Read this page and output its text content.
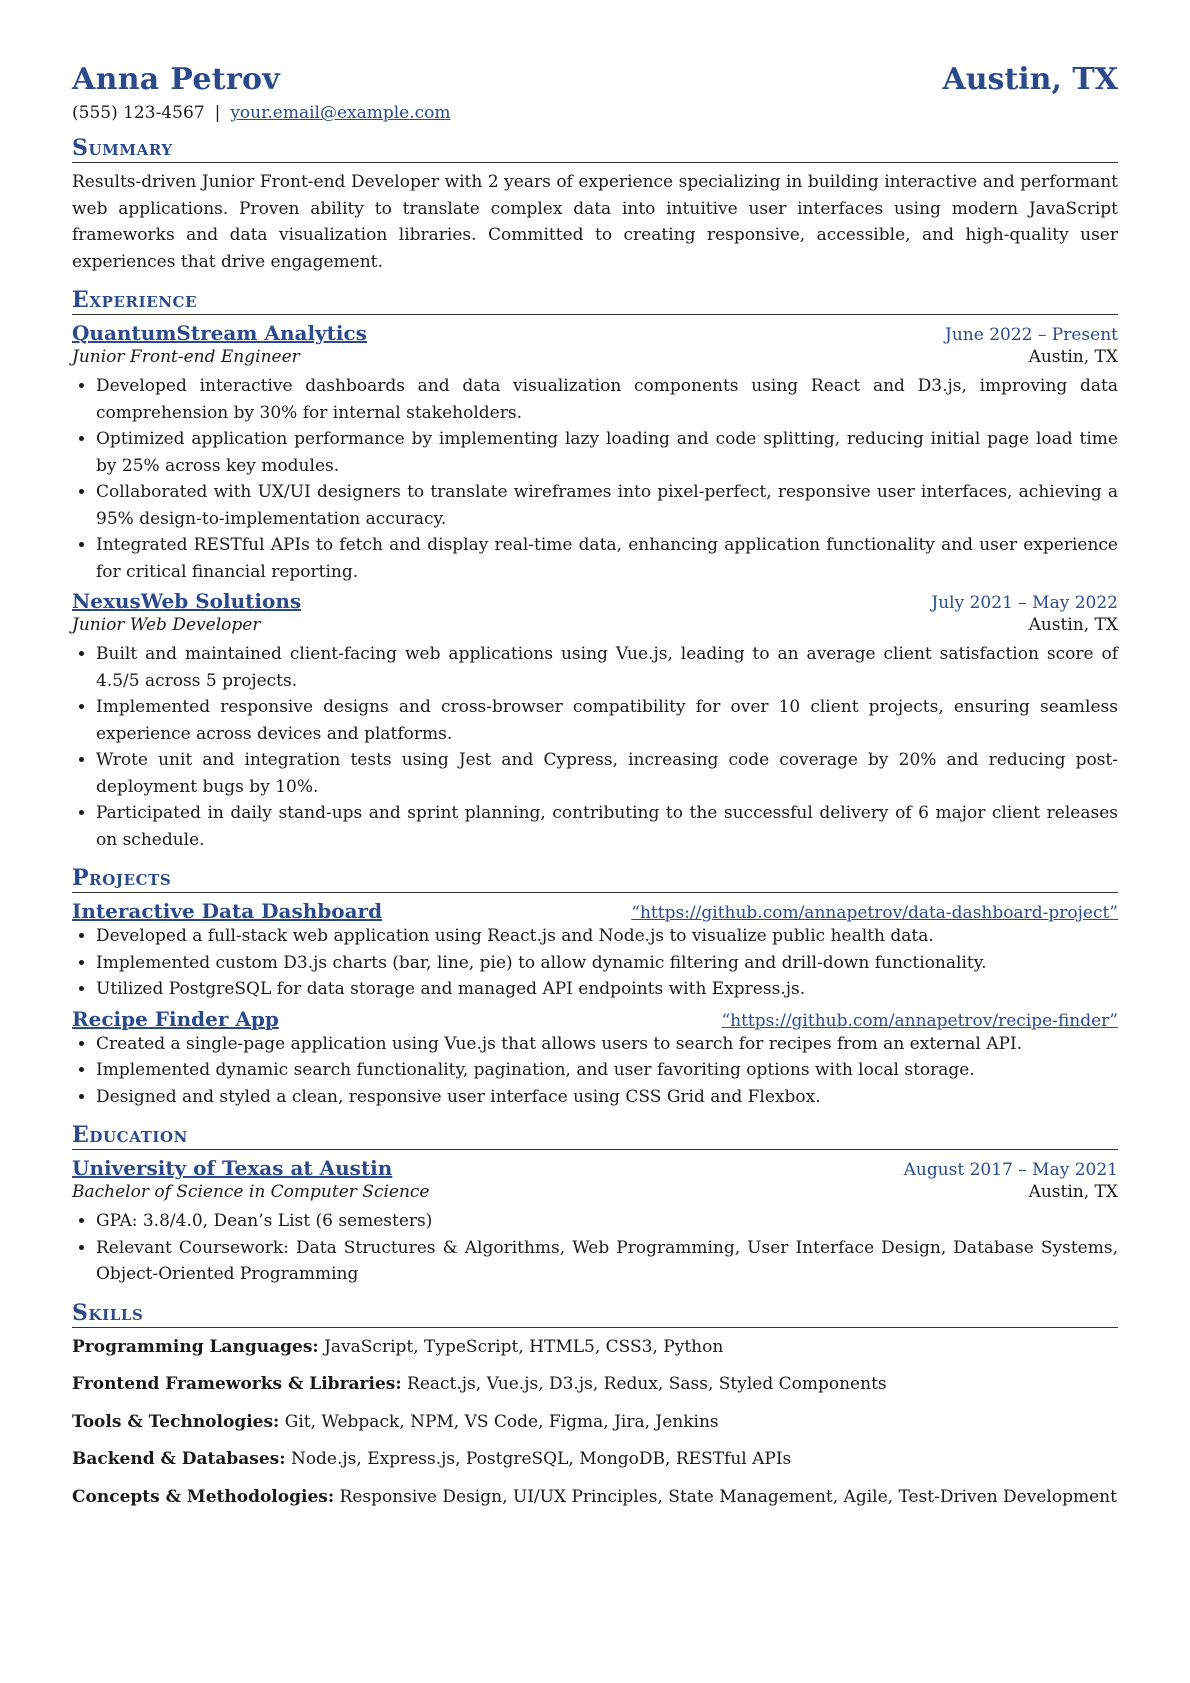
Anna Petrov	Austin, TX
(555) 123-4567 | your.email@example.com
Summary
Results-driven Junior Front-end Developer with 2 years of experience specializing in building interactive and performant web applications. Proven ability to translate complex data into intuitive user interfaces using modern JavaScript frameworks and data visualization libraries. Committed to creating responsive, accessible, and high-quality user experiences that drive engagement.
Experience
QuantumStream Analytics	June 2022 – Present
Junior Front-end Engineer	Austin, TX
• Developed interactive dashboards and data visualization components using React and D3.js, improving data comprehension by 30% for internal stakeholders.
• Optimized application performance by implementing lazy loading and code splitting, reducing initial page load time by 25% across key modules.
• Collaborated with UX/UI designers to translate wireframes into pixel-perfect, responsive user interfaces, achieving a 95% design-to-implementation accuracy.
• Integrated RESTful APIs to fetch and display real-time data, enhancing application functionality and user experience for critical financial reporting.
NexusWeb Solutions	July 2021 – May 2022
Junior Web Developer	Austin, TX
• Built and maintained client-facing web applications using Vue.js, leading to an average client satisfaction score of 4.5/5 across 5 projects.
• Implemented responsive designs and cross-browser compatibility for over 10 client projects, ensuring seamless experience across devices and platforms.
• Wrote unit and integration tests using Jest and Cypress, increasing code coverage by 20% and reducing post-deployment bugs by 10%.
• Participated in daily stand-ups and sprint planning, contributing to the successful delivery of 6 major client releases on schedule.
Projects
Interactive Data Dashboard	“https://github.com/annapetrov/data-dashboard-project”
• Developed a full-stack web application using React.js and Node.js to visualize public health data.
• Implemented custom D3.js charts (bar, line, pie) to allow dynamic filtering and drill-down functionality.
• Utilized PostgreSQL for data storage and managed API endpoints with Express.js.
Recipe Finder App	“https://github.com/annapetrov/recipe-finder”
• Created a single-page application using Vue.js that allows users to search for recipes from an external API.
• Implemented dynamic search functionality, pagination, and user favoriting options with local storage.
• Designed and styled a clean, responsive user interface using CSS Grid and Flexbox.
Education
University of Texas at Austin	August 2017 – May 2021
Bachelor of Science in Computer Science	Austin, TX
• GPA: 3.8/4.0, Dean’s List (6 semesters)
• Relevant Coursework: Data Structures & Algorithms, Web Programming, User Interface Design, Database Systems, Object-Oriented Programming
Skills
Programming Languages: JavaScript, TypeScript, HTML5, CSS3, Python
Frontend Frameworks & Libraries: React.js, Vue.js, D3.js, Redux, Sass, Styled Components
Tools & Technologies: Git, Webpack, NPM, VS Code, Figma, Jira, Jenkins
Backend & Databases: Node.js, Express.js, PostgreSQL, MongoDB, RESTful APIs
Concepts & Methodologies: Responsive Design, UI/UX Principles, State Management, Agile, Test-Driven Development
